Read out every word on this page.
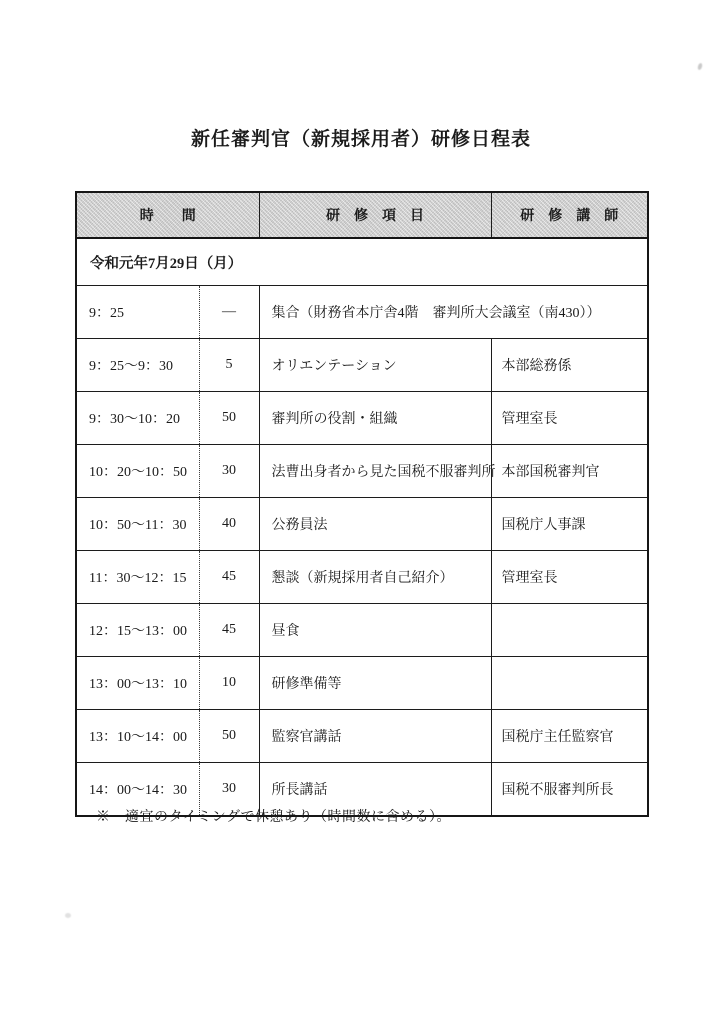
新任審判官（新規採用者）研修日程表
時　　間		研　修　項　目	研　修　講　師
令和元年7月29日（月）			
9：25	―	集合（財務省本庁舎4階　審判所大会議室（南430））	
9：25～9：30	5	オリエンテーション	本部総務係
9：30～10：20	50	審判所の役割・組織	管理室長
10：20～10：50	30	法曹出身者から見た国税不服審判所	本部国税審判官
10：50～11：30	40	公務員法	国税庁人事課
11：30～12：15	45	懇談（新規採用者自己紹介）	管理室長
12：15～13：00	45	昼食	
13：00～13：10	10	研修準備等	
13：10～14：00	50	監察官講話	国税庁主任監察官
14：00～14：30	30	所長講話	国税不服審判所長

※　適宜のタイミングで休憩あり（時間数に含める）。
